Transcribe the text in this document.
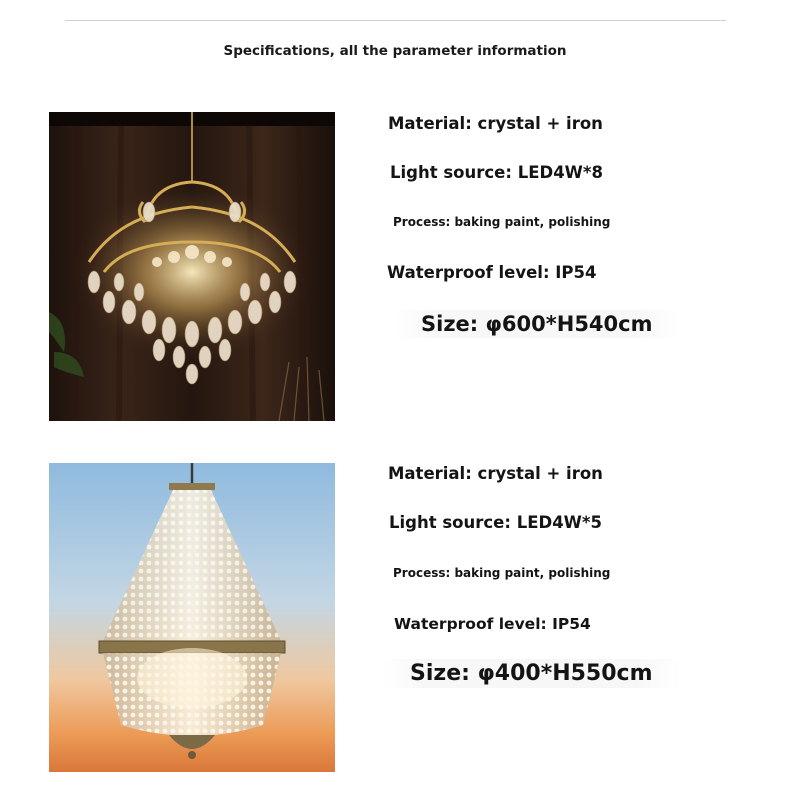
Specifications, all the parameter information
Material: crystal + iron
Light source: LED4W*8
Process: baking paint, polishing
Waterproof level: IP54
Size: φ600*H540cm
Material: crystal + iron
Light source: LED4W*5
Process: baking paint, polishing
Waterproof level: IP54
Size: φ400*H550cm
